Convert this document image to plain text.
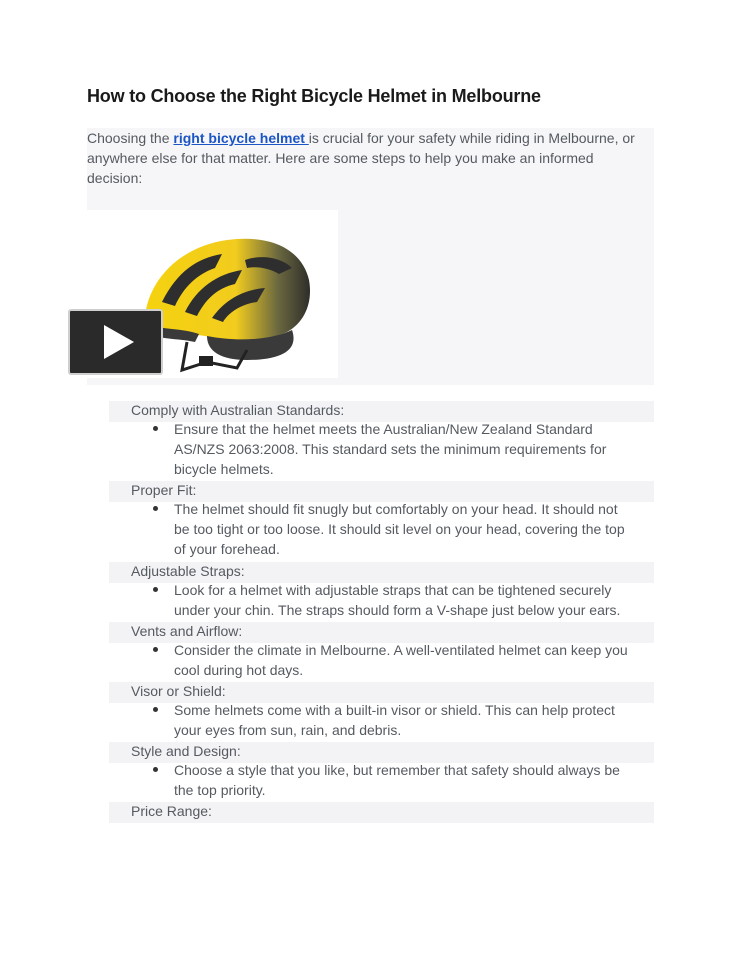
How to Choose the Right Bicycle Helmet in Melbourne
Choosing the right bicycle helmet is crucial for your safety while riding in Melbourne, or anywhere else for that matter. Here are some steps to help you make an informed decision:
Comply with Australian Standards:
Ensure that the helmet meets the Australian/New Zealand Standard
AS/NZS 2063:2008. This standard sets the minimum requirements for
bicycle helmets.
Proper Fit:
The helmet should fit snugly but comfortably on your head. It should not
be too tight or too loose. It should sit level on your head, covering the top
of your forehead.
Adjustable Straps:
Look for a helmet with adjustable straps that can be tightened securely
under your chin. The straps should form a V-shape just below your ears.
Vents and Airflow:
Consider the climate in Melbourne. A well-ventilated helmet can keep you
cool during hot days.
Visor or Shield:
Some helmets come with a built-in visor or shield. This can help protect
your eyes from sun, rain, and debris.
Style and Design:
Choose a style that you like, but remember that safety should always be
the top priority.
Price Range:
